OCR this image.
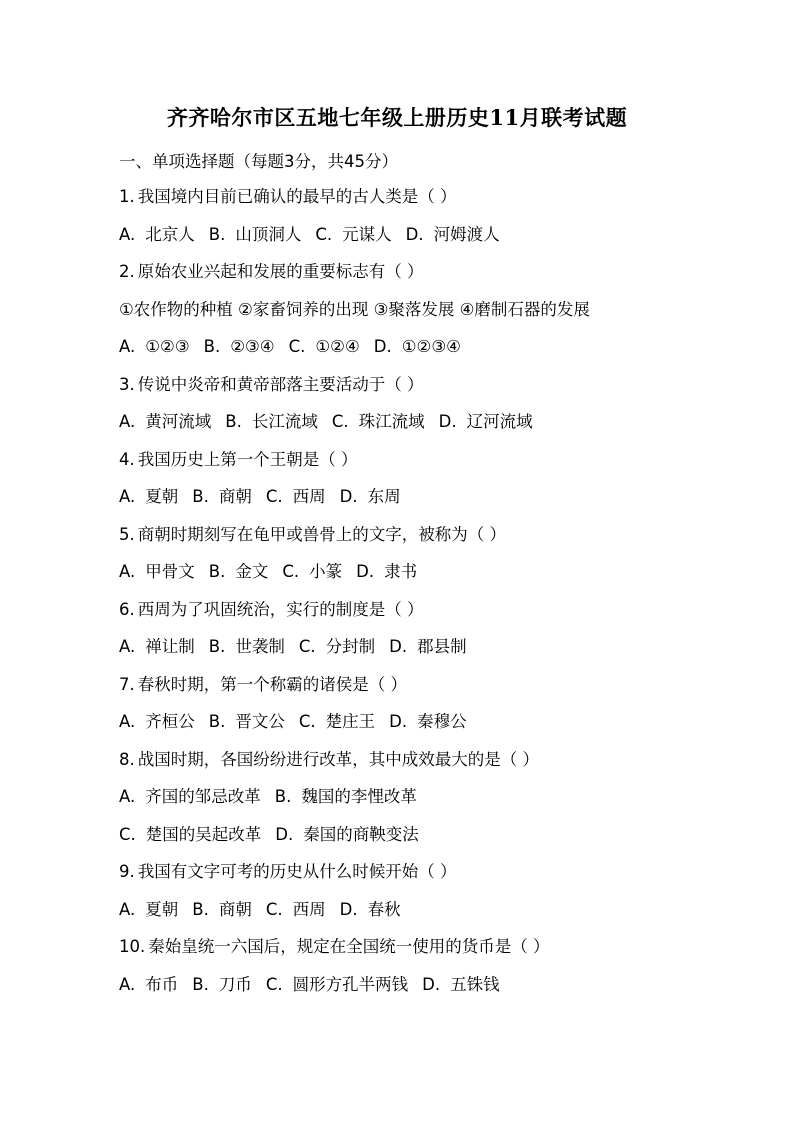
齐齐哈尔市区五地七年级上册历史11月联考试题
一、单项选择题（每题3分，共45分）
1. 我国境内目前已确认的最早的古人类是（ ）
A. 北京人 B. 山顶洞人 C. 元谋人 D. 河姆渡人
2. 原始农业兴起和发展的重要标志有（ ）
①农作物的种植 ②家畜饲养的出现 ③聚落发展 ④磨制石器的发展
A. ①②③ B. ②③④ C. ①②④ D. ①②③④
3. 传说中炎帝和黄帝部落主要活动于（ ）
A. 黄河流域 B. 长江流域 C. 珠江流域 D. 辽河流域
4. 我国历史上第一个王朝是（ ）
A. 夏朝 B. 商朝 C. 西周 D. 东周
5. 商朝时期刻写在龟甲或兽骨上的文字，被称为（ ）
A. 甲骨文 B. 金文 C. 小篆 D. 隶书
6. 西周为了巩固统治，实行的制度是（ ）
A. 禅让制 B. 世袭制 C. 分封制 D. 郡县制
7. 春秋时期，第一个称霸的诸侯是（ ）
A. 齐桓公 B. 晋文公 C. 楚庄王 D. 秦穆公
8. 战国时期，各国纷纷进行改革，其中成效最大的是（ ）
A. 齐国的邹忌改革 B. 魏国的李悝改革
C. 楚国的吴起改革 D. 秦国的商鞅变法
9. 我国有文字可考的历史从什么时候开始（ ）
A. 夏朝 B. 商朝 C. 西周 D. 春秋
10. 秦始皇统一六国后，规定在全国统一使用的货币是（ ）
A. 布币 B. 刀币 C. 圆形方孔半两钱 D. 五铢钱
